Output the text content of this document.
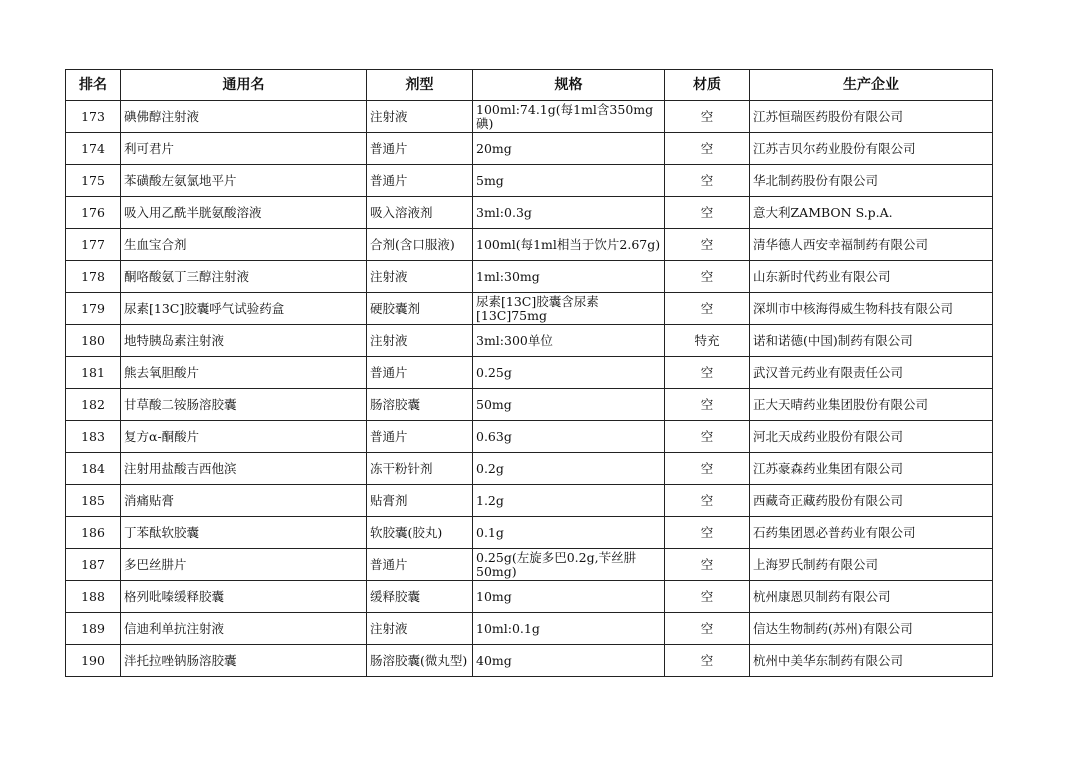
排名	通用名	剂型	规格	材质	生产企业
173	碘佛醇注射液	注射液	100ml:74.1g(每1ml含350mg碘)	空	江苏恒瑞医药股份有限公司
174	利可君片	普通片	20mg	空	江苏吉贝尔药业股份有限公司
175	苯磺酸左氨氯地平片	普通片	5mg	空	华北制药股份有限公司
176	吸入用乙酰半胱氨酸溶液	吸入溶液剂	3ml:0.3g	空	意大利ZAMBON S.p.A.
177	生血宝合剂	合剂(含口服液)	100ml(每1ml相当于饮片2.67g)	空	清华德人西安幸福制药有限公司
178	酮咯酸氨丁三醇注射液	注射液	1ml:30mg	空	山东新时代药业有限公司
179	尿素[13C]胶囊呼气试验药盒	硬胶囊剂	尿素[13C]胶囊含尿素[13C]75mg	空	深圳市中核海得威生物科技有限公司
180	地特胰岛素注射液	注射液	3ml:300单位	特充	诺和诺德(中国)制药有限公司
181	熊去氧胆酸片	普通片	0.25g	空	武汉普元药业有限责任公司
182	甘草酸二铵肠溶胶囊	肠溶胶囊	50mg	空	正大天晴药业集团股份有限公司
183	复方α-酮酸片	普通片	0.63g	空	河北天成药业股份有限公司
184	注射用盐酸吉西他滨	冻干粉针剂	0.2g	空	江苏豪森药业集团有限公司
185	消痛贴膏	贴膏剂	1.2g	空	西藏奇正藏药股份有限公司
186	丁苯酞软胶囊	软胶囊(胶丸)	0.1g	空	石药集团恩必普药业有限公司
187	多巴丝肼片	普通片	0.25g(左旋多巴0.2g,苄丝肼50mg)	空	上海罗氏制药有限公司
188	格列吡嗪缓释胶囊	缓释胶囊	10mg	空	杭州康恩贝制药有限公司
189	信迪利单抗注射液	注射液	10ml:0.1g	空	信达生物制药(苏州)有限公司
190	泮托拉唑钠肠溶胶囊	肠溶胶囊(微丸型)	40mg	空	杭州中美华东制药有限公司
